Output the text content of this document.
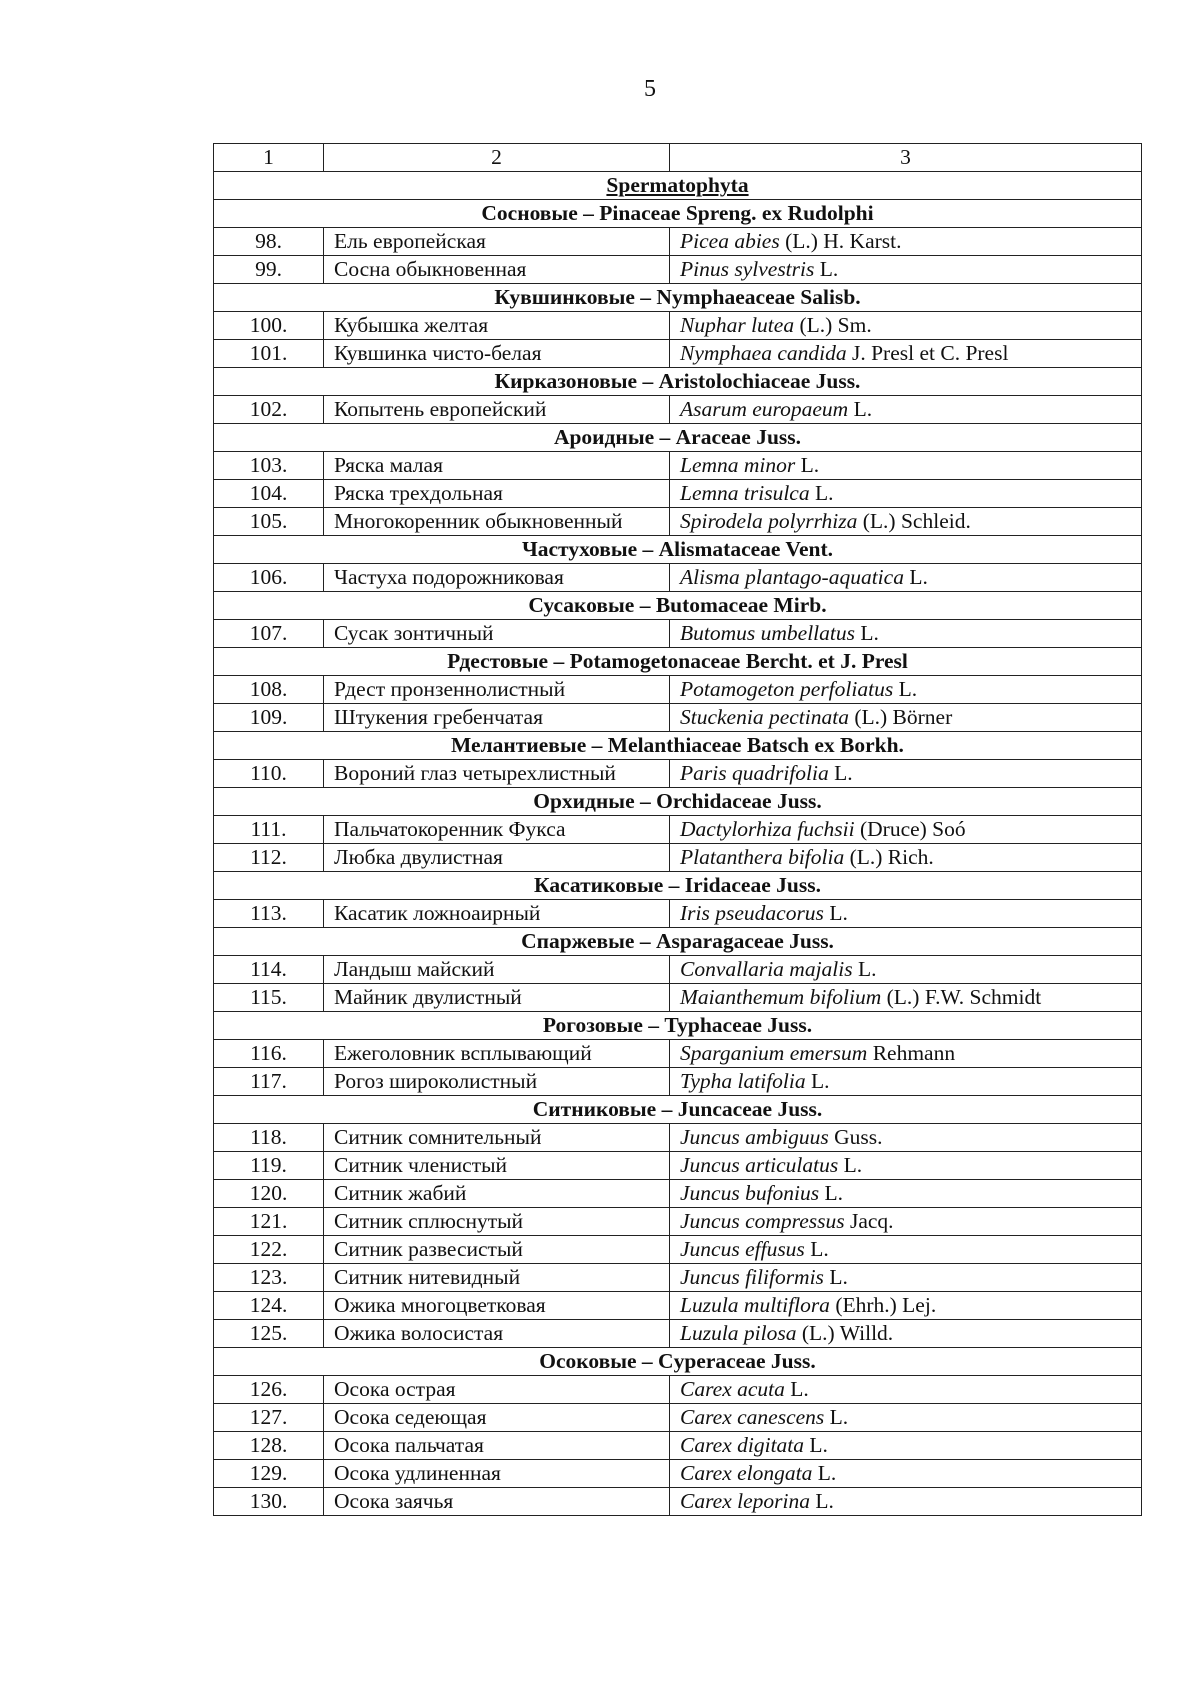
5
1	2	3
Spermatophyta		
Сосновые – Pinaceae Spreng. ex Rudolphi		
98.	Ель европейская	Picea abies (L.) H. Karst.
99.	Сосна обыкновенная	Pinus sylvestris L.
Кувшинковые – Nymphaeaceae Salisb.		
100.	Кубышка желтая	Nuphar lutea (L.) Sm.
101.	Кувшинка чисто-белая	Nymphaea candida J. Presl et C. Presl
Кирказоновые – Aristolochiaceae Juss.		
102.	Копытень европейский	Asarum europaeum L.
Ароидные – Araceae Juss.		
103.	Ряска малая	Lemna minor L.
104.	Ряска трехдольная	Lemna trisulca L.
105.	Многокоренник обыкновенный	Spirodela polyrrhiza (L.) Schleid.
Частуховые – Alismataceae Vent.		
106.	Частуха подорожниковая	Alisma plantago-aquatica L.
Сусаковые – Butomaceae Mirb.		
107.	Сусак зонтичный	Butomus umbellatus L.
Рдестовые – Potamogetonaceae Bercht. et J. Presl		
108.	Рдест пронзеннолистный	Potamogeton perfoliatus L.
109.	Штукения гребенчатая	Stuckenia pectinata (L.) Börner
Мелантиевые – Melanthiaceae Batsch ex Borkh.		
110.	Вороний глаз четырехлистный	Paris quadrifolia L.
Орхидные – Orchidaceae Juss.		
111.	Пальчатокоренник Фукса	Dactylorhiza fuchsii (Druce) Soó
112.	Любка двулистная	Platanthera bifolia (L.) Rich.
Касатиковые – Iridaceae Juss.		
113.	Касатик ложноаирный	Iris pseudacorus L.
Спаржевые – Asparagaceae Juss.		
114.	Ландыш майский	Convallaria majalis L.
115.	Майник двулистный	Maianthemum bifolium (L.) F.W. Schmidt
Рогозовые – Typhaceae Juss.		
116.	Ежеголовник всплывающий	Sparganium emersum Rehmann
117.	Рогоз широколистный	Typha latifolia L.
Ситниковые – Juncaceae Juss.		
118.	Ситник сомнительный	Juncus ambiguus Guss.
119.	Ситник членистый	Juncus articulatus L.
120.	Ситник жабий	Juncus bufonius L.
121.	Ситник сплюснутый	Juncus compressus Jacq.
122.	Ситник развесистый	Juncus effusus L.
123.	Ситник нитевидный	Juncus filiformis L.
124.	Ожика многоцветковая	Luzula multiflora (Ehrh.) Lej.
125.	Ожика волосистая	Luzula pilosa (L.) Willd.
Осоковые – Cyperaceae Juss.		
126.	Осока острая	Carex acuta L.
127.	Осока седеющая	Carex canescens L.
128.	Осока пальчатая	Carex digitata L.
129.	Осока удлиненная	Carex elongata L.
130.	Осока заячья	Carex leporina L.
